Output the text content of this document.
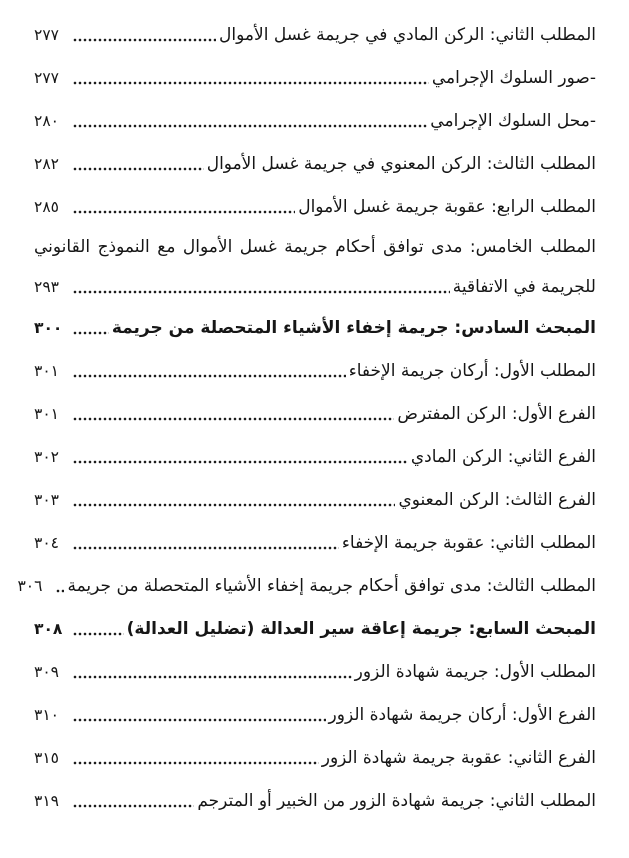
المطلب الثاني: الركن المادي في جريمة غسل الأموال
٢٧٧
-صور السلوك الإجرامي
٢٧٧
-محل السلوك الإجرامي
٢٨٠
المطلب الثالث: الركن المعنوي في جريمة غسل الأموال
٢٨٢
المطلب الرابع: عقوبة جريمة غسل الأموال
٢٨٥
المطلب الخامس: مدى توافق أحكام جريمة غسل الأموال مع النموذج القانوني
للجريمة في الاتفاقية
٢٩٣
المبحث السادس: جريمة إخفاء الأشياء المتحصلة من جريمة
٣٠٠
المطلب الأول: أركان جريمة الإخفاء
٣٠١
الفرع الأول: الركن المفترض
٣٠١
الفرع الثاني: الركن المادي
٣٠٢
الفرع الثالث: الركن المعنوي
٣٠٣
المطلب الثاني: عقوبة جريمة الإخفاء
٣٠٤
المطلب الثالث: مدى توافق أحكام جريمة إخفاء الأشياء المتحصلة من جريمة
٣٠٦
المبحث السابع: جريمة إعاقة سير العدالة (تضليل العدالة)
٣٠٨
المطلب الأول: جريمة شهادة الزور
٣٠٩
الفرع الأول: أركان جريمة شهادة الزور
٣١٠
الفرع الثاني: عقوبة جريمة شهادة الزور
٣١٥
المطلب الثاني: جريمة شهادة الزور من الخبير أو المترجم
٣١٩
